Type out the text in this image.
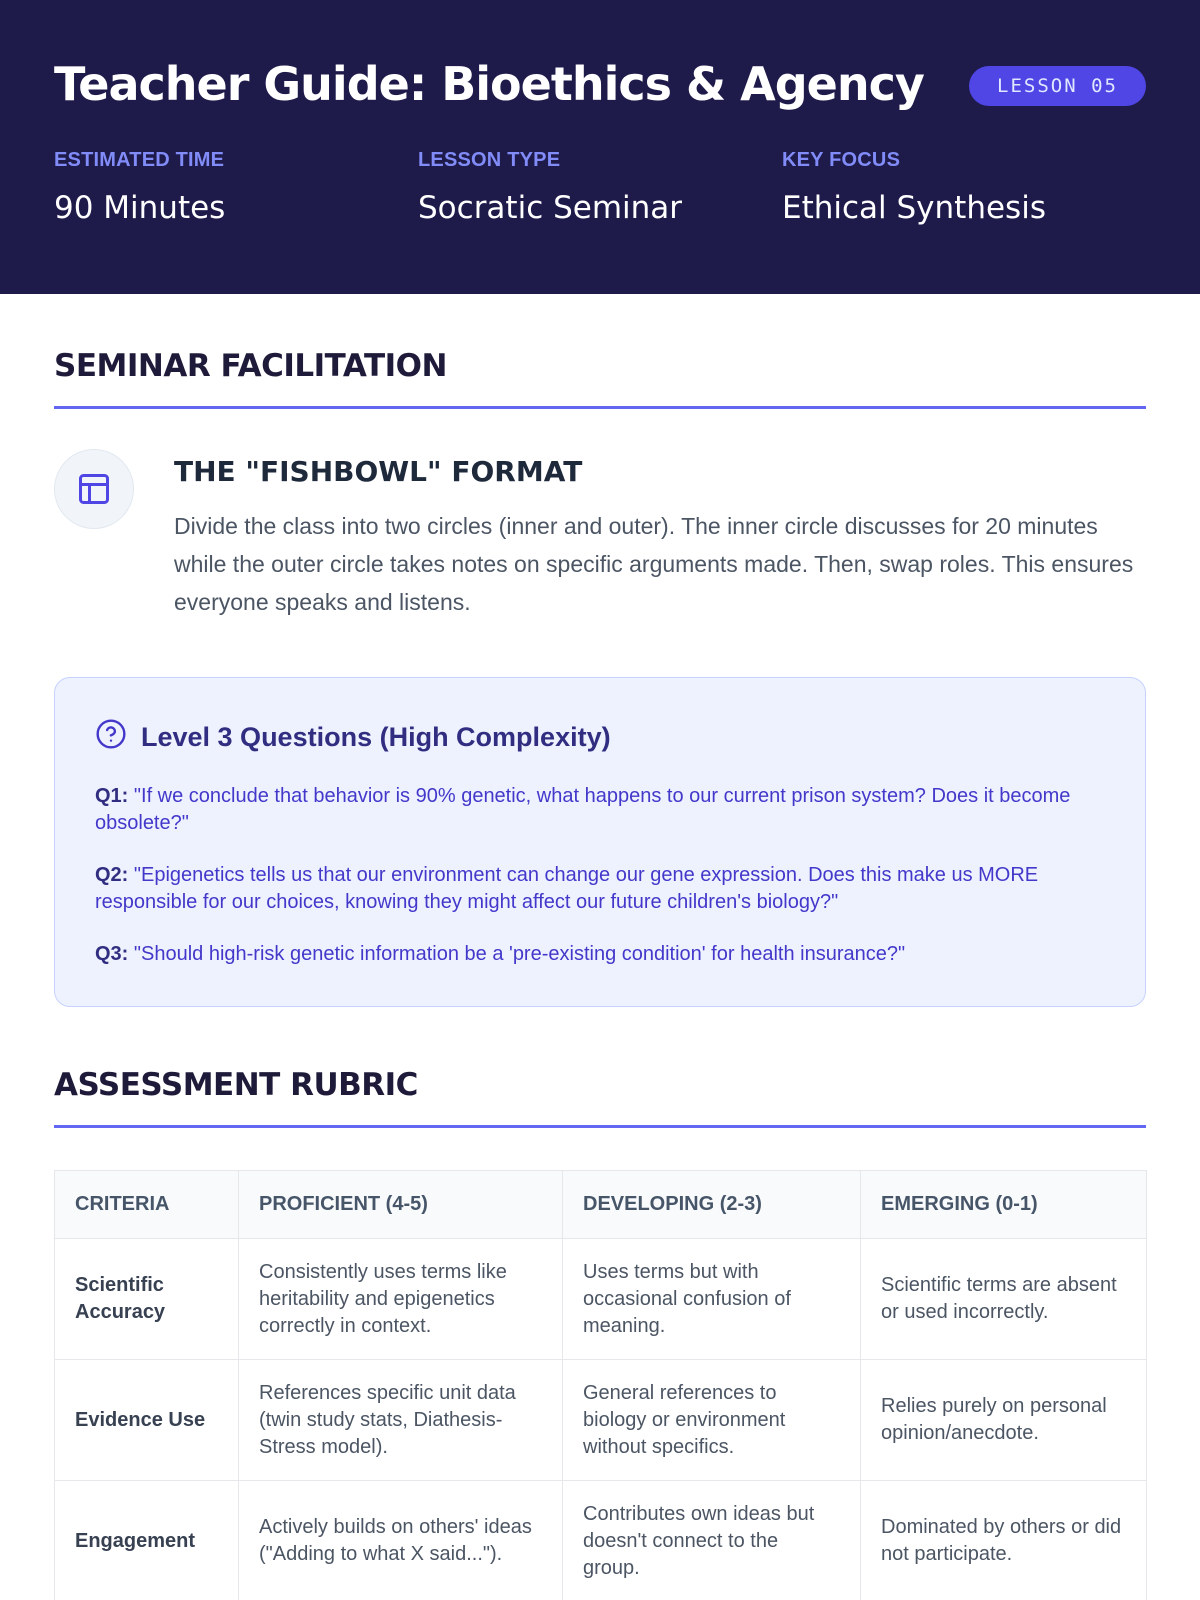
Teacher Guide: Bioethics & Agency	LESSON 05
ESTIMATED TIME
90 Minutes
LESSON TYPE
Socratic Seminar
KEY FOCUS
Ethical Synthesis
SEMINAR FACILITATION
THE "FISHBOWL" FORMAT

Divide the class into two circles (inner and outer). The inner circle discusses for 20 minutes while the outer circle takes notes on specific arguments made. Then, swap roles. This ensures everyone speaks and listens.

Level 3 Questions (High Complexity)

Q1: "If we conclude that behavior is 90% genetic, what happens to our current prison system? Does it become obsolete?"

Q2: "Epigenetics tells us that our environment can change our gene expression. Does this make us MORE responsible for our choices, knowing they might affect our future children's biology?"

Q3: "Should high-risk genetic information be a 'pre-existing condition' for health insurance?"

ASSESSMENT RUBRIC
CRITERIA	PROFICIENT (4-5)	DEVELOPING (2-3)	EMERGING (0-1)
Scientific Accuracy	Consistently uses terms like heritability and epigenetics correctly in context.	Uses terms but with occasional confusion of meaning.	Scientific terms are absent or used incorrectly.
Evidence Use	References specific unit data (twin study stats, Diathesis-Stress model).	General references to biology or environment without specifics.	Relies purely on personal opinion/anecdote.
Engagement	Actively builds on others' ideas ("Adding to what X said...").	Contributes own ideas but doesn't connect to the group.	Dominated by others or did not participate.
